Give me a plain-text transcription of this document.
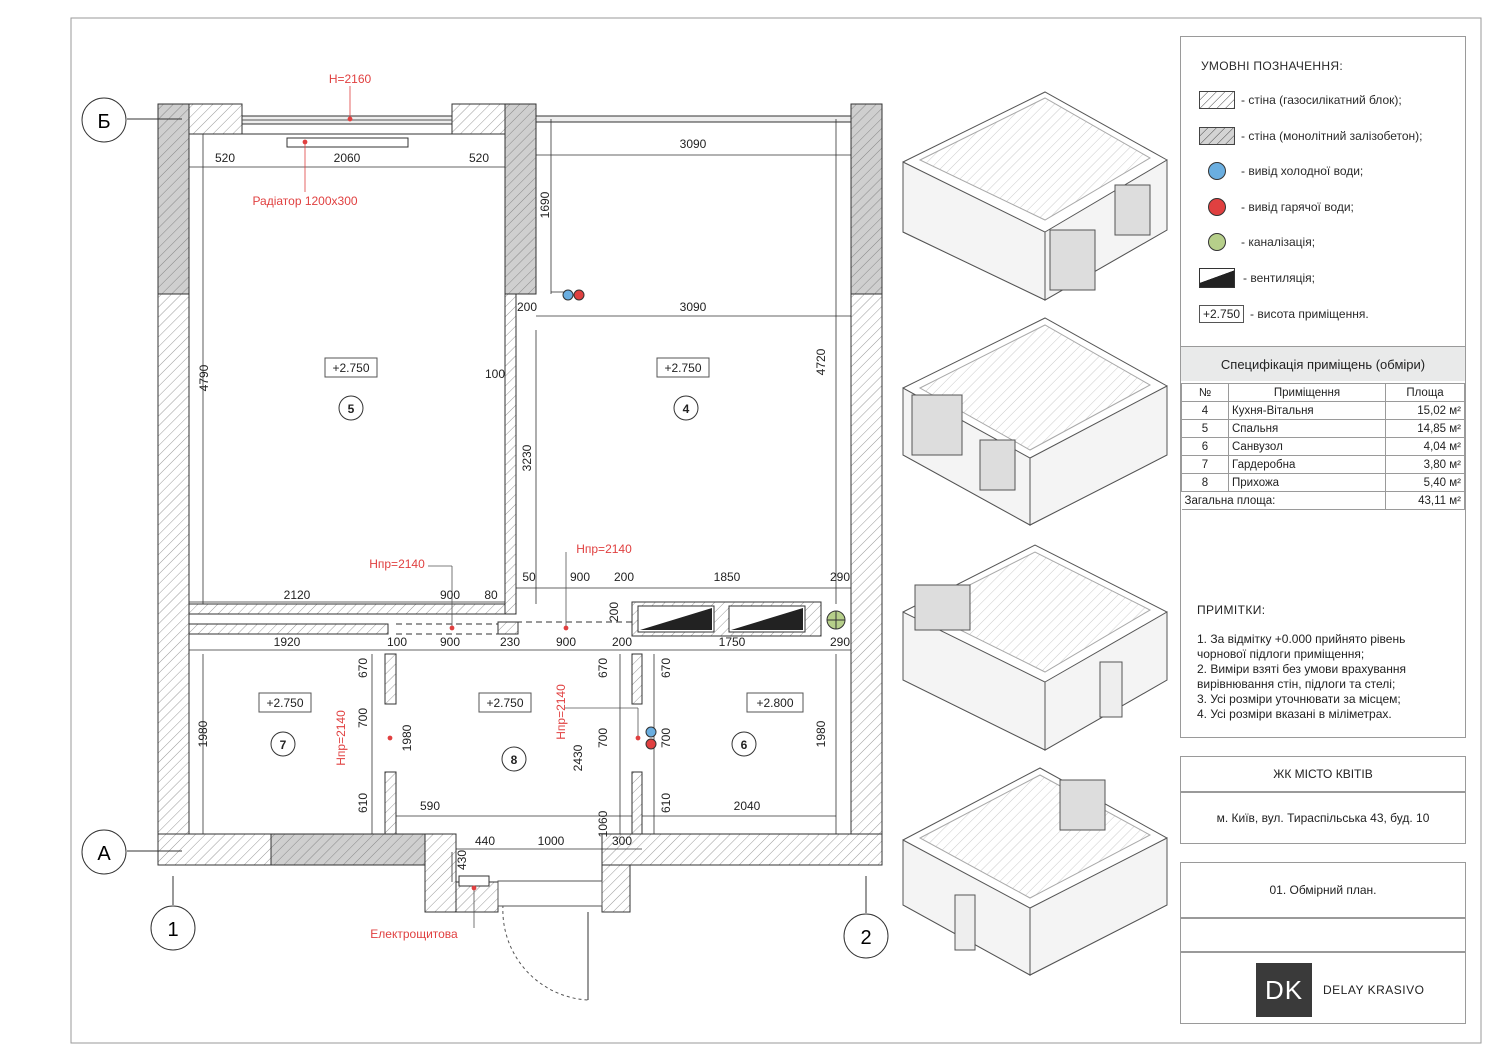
Б
А
1	2
H=2160
Радіатор 1200х300
Hпр=2140
Hпр=2140
Hпр=2140	Hпр=2140
Електрощитова
+2.750
5
+2.750
4
+2.750
7
+2.750
8
+2.800
6
520	2060	520
3090
1690
200	3090
4790
4720
100
3230
2120	900 80
50	900 200	1850	290
200
1920	100	900	230	900	200	1750	290
670
700
1980	1980
610	590
2430
670
700
670
700
1060
610	2040
1980
440	1000	300
430
УМОВНІ ПОЗНАЧЕННЯ:
- стіна (газосилікатний блок);
- стіна (монолітний залізобетон);
- вивід холодної води;
- вивід гарячої води;
- каналізація;
- вентиляція;
+2.750 - висота приміщення.
Специфікація приміщень (обміри)
№	Приміщення	Площа
4	Кухня-Вітальня	15,02 м²
5	Спальня	14,85 м²
6	Санвузол	4,04 м²
7	Гардеробна	3,80 м²
8	Прихожа	5,40 м²
Загальна площа:		43,11 м²
ПРИМІТКИ:
1. За відмітку +0.000 прийнято рівень чорнової підлоги приміщення;
2. Виміри взяті без умови врахування вирівнювання стін, підлоги та стелі;
3. Усі розміри уточнювати за місцем;
4. Усі розміри вказані в міліметрах.
ЖК МІСТО КВІТІВ
м. Київ, вул. Тираспільська 43, буд. 10
01. Обмірний план.
DK	DELAY KRASIVO
